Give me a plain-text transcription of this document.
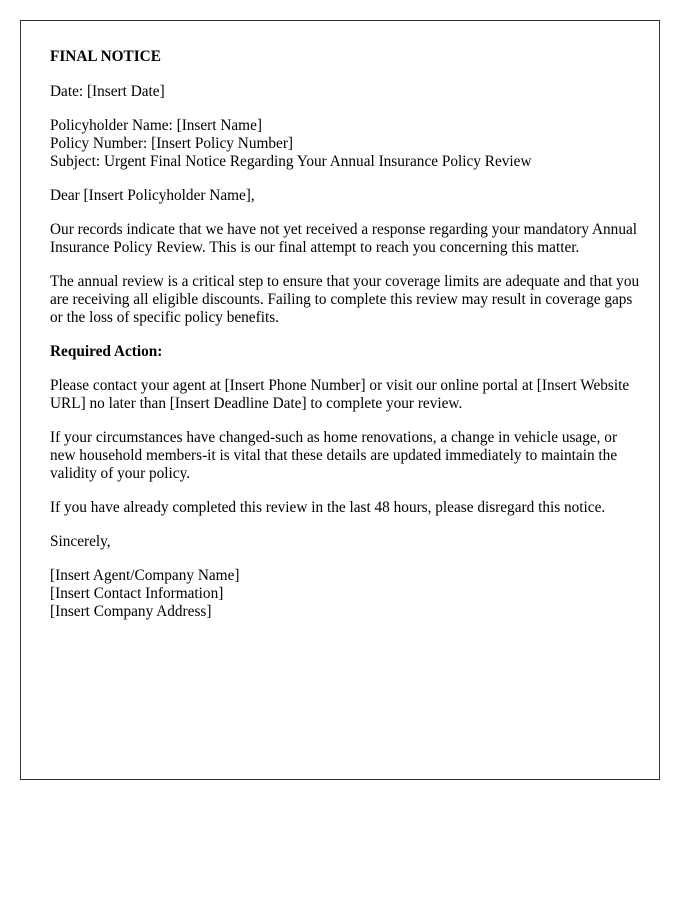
FINAL NOTICE

Date: [Insert Date]

Policyholder Name: [Insert Name]
Policy Number: [Insert Policy Number]
Subject: Urgent Final Notice Regarding Your Annual Insurance Policy Review

Dear [Insert Policyholder Name],

Our records indicate that we have not yet received a response regarding your mandatory Annual Insurance Policy Review. This is our final attempt to reach you concerning this matter.

The annual review is a critical step to ensure that your coverage limits are adequate and that you are receiving all eligible discounts. Failing to complete this review may result in coverage gaps or the loss of specific policy benefits.

Required Action:

Please contact your agent at [Insert Phone Number] or visit our online portal at [Insert Website URL] no later than [Insert Deadline Date] to complete your review.

If your circumstances have changed-such as home renovations, a change in vehicle usage, or new household members-it is vital that these details are updated immediately to maintain the validity of your policy.

If you have already completed this review in the last 48 hours, please disregard this notice.

Sincerely,

[Insert Agent/Company Name]
[Insert Contact Information]
[Insert Company Address]
